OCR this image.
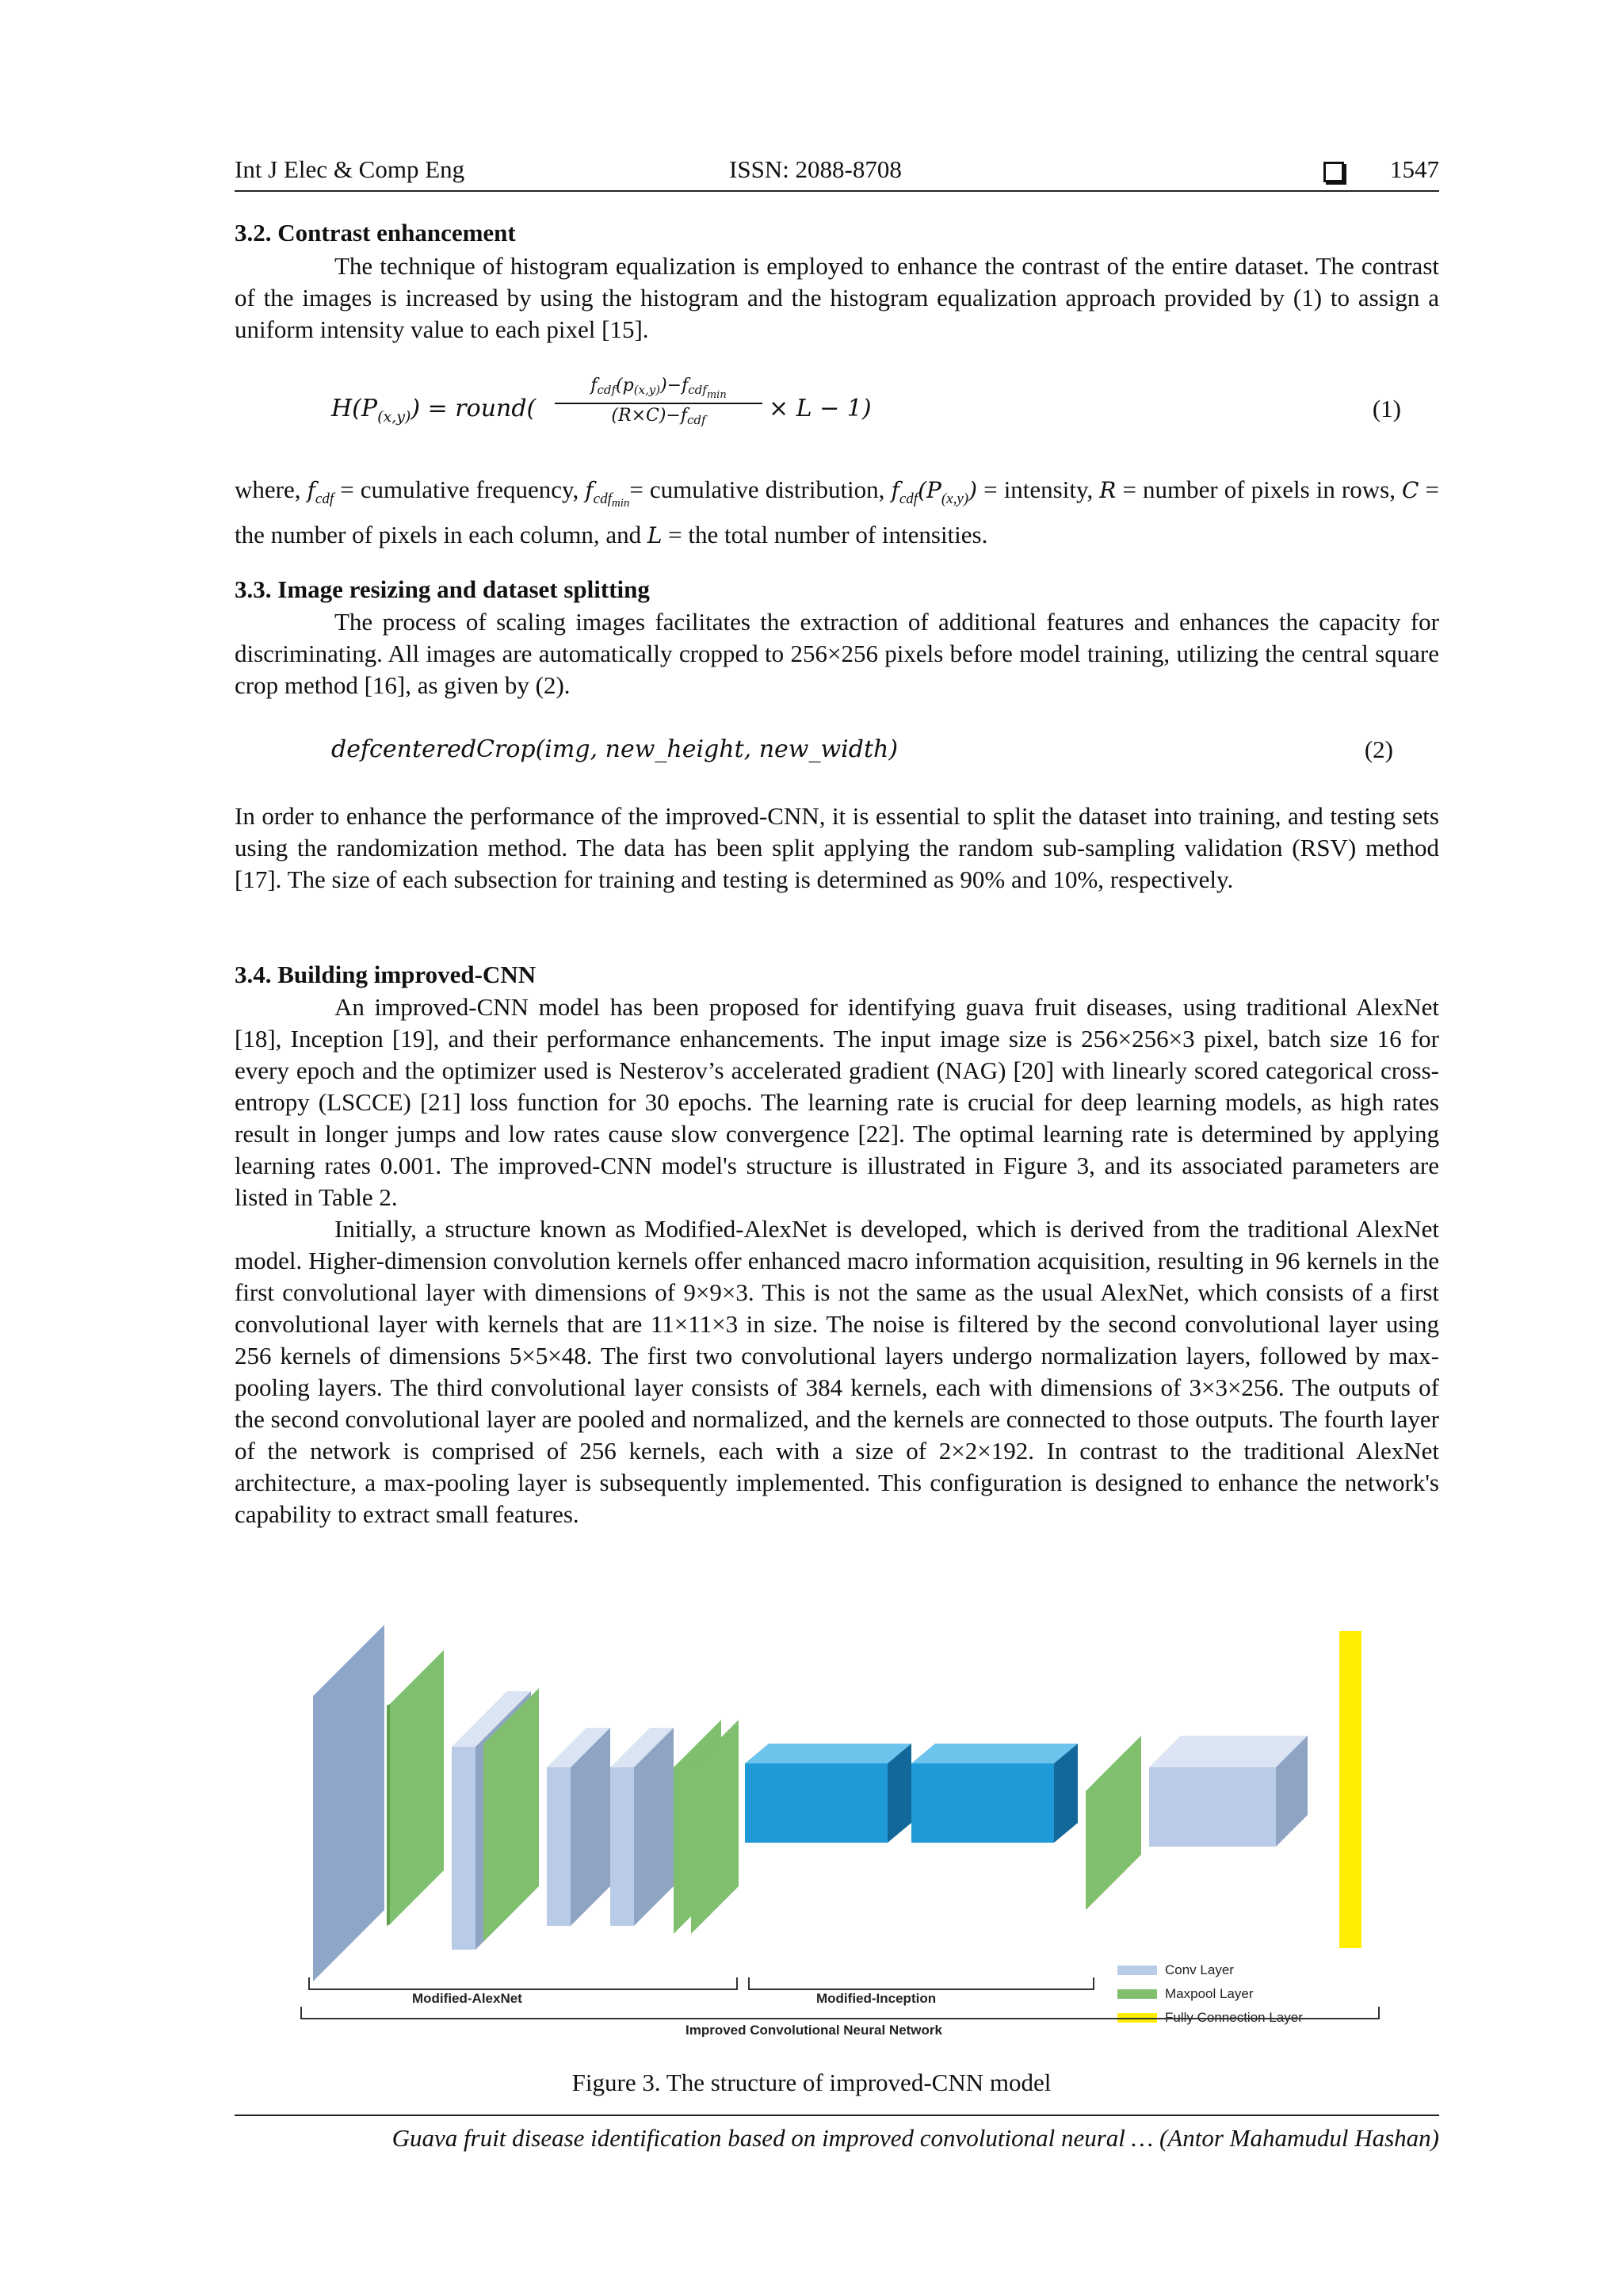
Int J Elec & Comp Eng	ISSN: 2088-8708	1547
3.2. Contrast enhancement

The technique of histogram equalization is employed to enhance the contrast of the entire dataset. The contrast of the images is increased by using the histogram and the histogram equalization approach provided by (1) to assign a uniform intensity value to each pixel [15].

$H(P_{(x,y)})$ = round(
fcdf(p(x,y))−fcdf$_{min}$
(R×C)−fcdf	× L − 1)	(1)

where, $f_{cdf}$ = cumulative frequency, $f_{cdfmin}=$ cumulative distribution, $f_{cdf}(P_{(x,y)})$ = intensity, R = number of pixels in rows, C = the number of pixels in each column, and L = the total number of intensities.

3.3. Image resizing and dataset splitting

The process of scaling images facilitates the extraction of additional features and enhances the capacity for discriminating. All images are automatically cropped to 256×256 pixels before model training, utilizing the central square crop method [16], as given by (2).

defcenteredCrop(img, new_height, new_width)	(2)

In order to enhance the performance of the improved-CNN, it is essential to split the dataset into training, and testing sets using the randomization method. The data has been split applying the random sub-sampling validation (RSV) method [17]. The size of each subsection for training and testing is determined as 90% and 10%, respectively.

3.4. Building improved-CNN

An improved-CNN model has been proposed for identifying guava fruit diseases, using traditional AlexNet [18], Inception [19], and their performance enhancements. The input image size is 256×256×3 pixel, batch size 16 for every epoch and the optimizer used is Nesterov’s accelerated gradient (NAG) [20] with linearly scored categorical cross-entropy (LSCCE) [21] loss function for 30 epochs. The learning rate is crucial for deep learning models, as high rates result in longer jumps and low rates cause slow convergence [22]. The optimal learning rate is determined by applying learning rates 0.001. The improved-CNN model's structure is illustrated in Figure 3, and its associated parameters are listed in Table 2.

Initially, a structure known as Modified-AlexNet is developed, which is derived from the traditional AlexNet model. Higher-dimension convolution kernels offer enhanced macro information acquisition, resulting in 96 kernels in the first convolutional layer with dimensions of 9×9×3. This is not the same as the usual AlexNet, which consists of a first convolutional layer with kernels that are 11×11×3 in size. The noise is filtered by the second convolutional layer using 256 kernels of dimensions 5×5×48. The first two convolutional layers undergo normalization layers, followed by max-pooling layers. The third convolutional layer consists of 384 kernels, each with dimensions of 3×3×256. The outputs of the second convolutional layer are pooled and normalized, and the kernels are connected to those outputs. The fourth layer of the network is comprised of 256 kernels, each with a size of 2×2×192. In contrast to the traditional AlexNet architecture, a max-pooling layer is subsequently implemented. This configuration is designed to enhance the network's capability to extract small features.

Conv Layer
Maxpool Layer
Fully Connection Layer
Modified-AlexNet	Modified-Inception
Improved Convolutional Neural Network
Figure 3. The structure of improved-CNN model
Guava fruit disease identification based on improved convolutional neural … (Antor Mahamudul Hashan)
